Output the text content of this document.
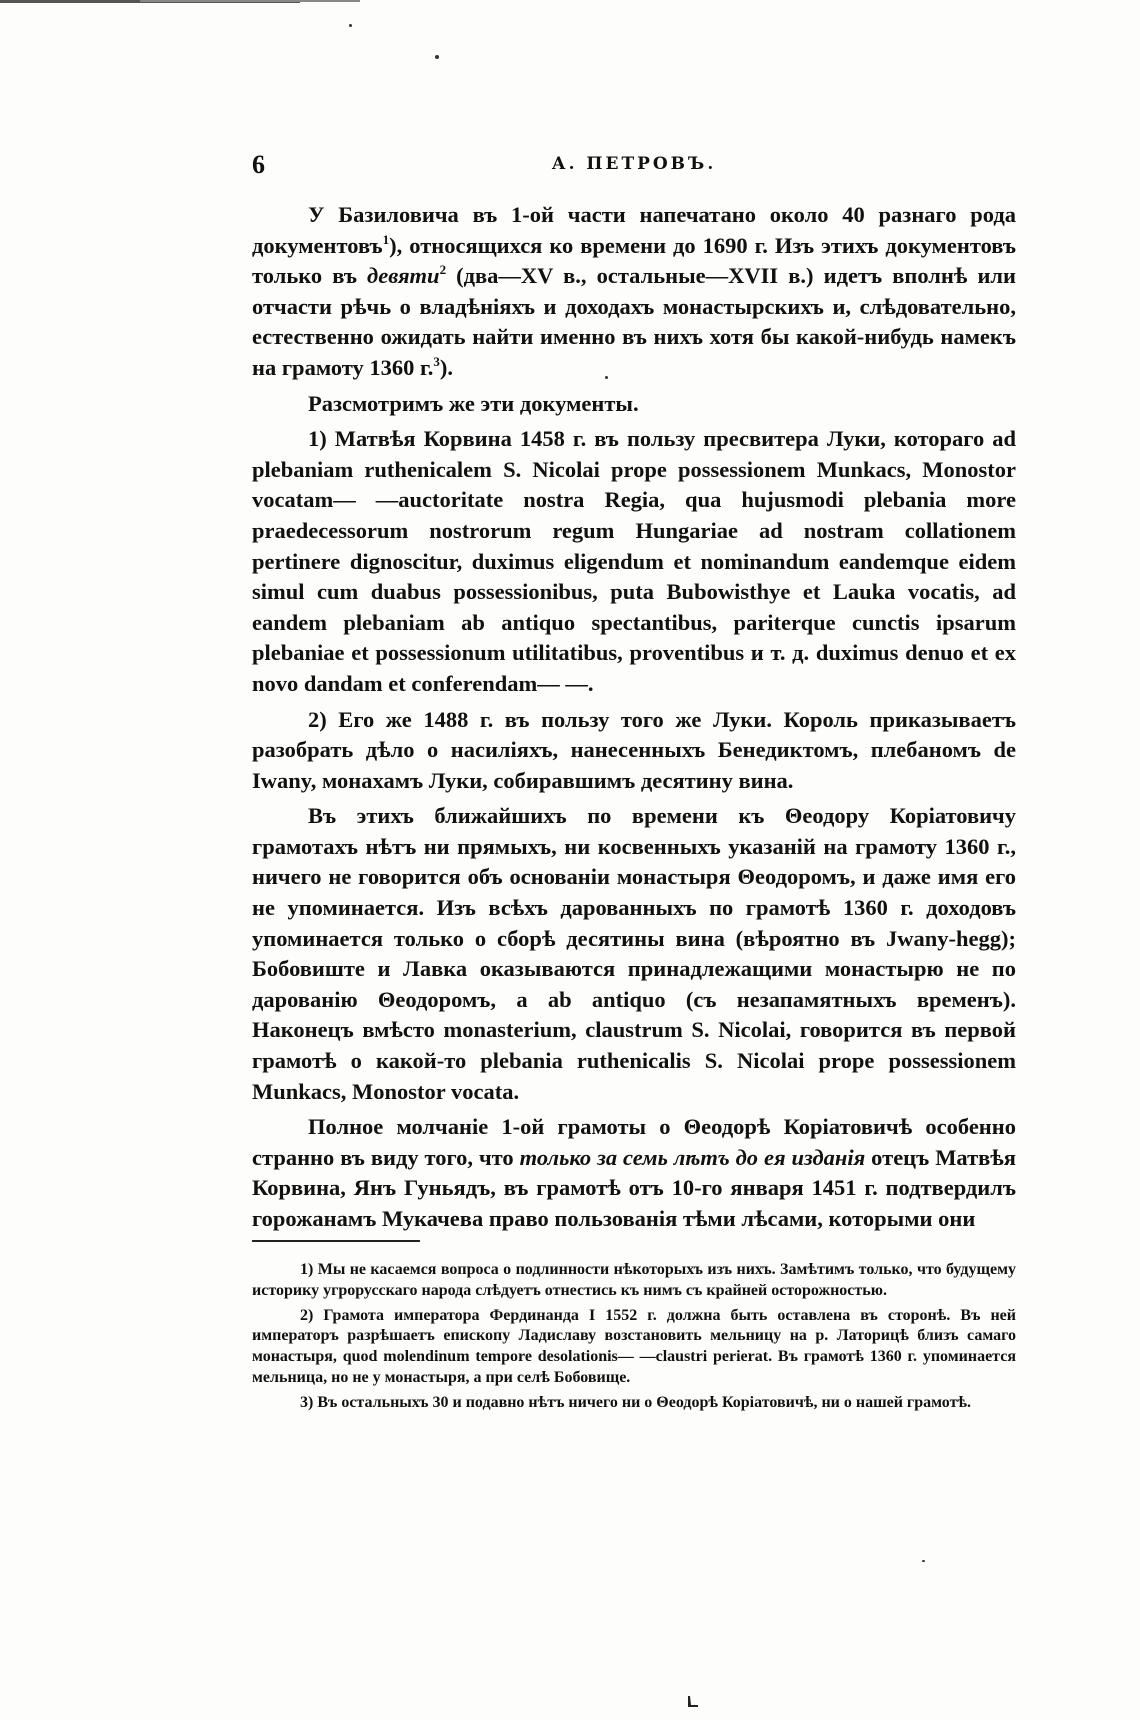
6	А. ПЕТРОВЪ.

У Базиловича въ 1-ой части напечатано около 40 разнаго рода документовъ$^1$), относящихся ко времени до 1690 г. Изъ этихъ документовъ только въ девяти$^2$ (два—XV в., остальные—XVII в.) идетъ вполнѣ или отчасти рѣчь о владѣніяхъ и доходахъ монастырскихъ и, слѣдовательно, естественно ожидать найти именно въ нихъ хотя бы какой-нибудь намекъ на грамоту 1360 г.$^3$).

Разсмотримъ же эти документы.

1) Матвѣя Корвина 1458 г. въ пользу пресвитера Луки, котораго ad plebaniam ruthenicalem S. Nicolai prope possessionem Munkacs, Monostor vocatam— —auctoritate nostra Regia, qua hujusmodi plebania more praedecessorum nostrorum regum Hungariae ad nostram collationem pertinere dignoscitur, duximus eligendum et nominandum eandemque eidem simul cum duabus possessionibus, puta Bubowisthye et Lauka vocatis, ad eandem plebaniam ab antiquo spectantibus, pariterque cunctis ipsarum plebaniae et possessionum utilitatibus, proventibus и т. д. duximus denuo et ex novo dandam et conferendam— —.

2) Его же 1488 г. въ пользу того же Луки. Король приказываетъ разобрать дѣло о насиліяхъ, нанесенныхъ Бенедиктомъ, плебаномъ de Iwany, монахамъ Луки, собиравшимъ десятину вина.

Въ этихъ ближайшихъ по времени къ Θеодору Коріатовичу грамотахъ нѣтъ ни прямыхъ, ни косвенныхъ указаній на грамоту 1360 г., ничего не говорится объ основаніи монастыря Θеодоромъ, и даже имя его не упоминается. Изъ всѣхъ дарованныхъ по грамотѣ 1360 г. доходовъ упоминается только о сборѣ десятины вина (вѣроятно въ Jwany-hegg); Бобовиште и Лавка оказываются принадлежащими монастырю не по дарованію Θеодоромъ, а ab antiquo (съ незапамятныхъ временъ). Наконецъ вмѣсто monasterium, claustrum S. Nicolai, говорится въ первой грамотѣ о какой-то plebania ruthenicalis S. Nicolai prope possessionem Munkacs, Monostor vocata.

Полное молчаніе 1-ой грамоты о Θеодорѣ Коріатовичѣ особенно странно въ виду того, что только за семь лѣтъ до ея изданія отецъ Матвѣя Корвина, Янъ Гуньядъ, въ грамотѣ отъ 10-го января 1451 г. подтвердилъ горожанамъ Мукачева право пользованія тѣми лѣсами, которыми они

1) Мы не касаемся вопроса о подлинности нѣкоторыхъ изъ нихъ. Замѣтимъ только, что будущему историку угрорусскаго народа слѣдуетъ отнестись къ нимъ съ крайней осторожностью.

2) Грамота императора Фердинанда I 1552 г. должна быть оставлена въ сторонѣ. Въ ней императоръ разрѣшаетъ епископу Ладиславу возстановить мельницу на р. Латорицѣ близъ самаго монастыря, quod molendinum tempore desolationis— —claustri perierat. Въ грамотѣ 1360 г. упоминается мельница, но не у монастыря, а при селѣ Бобовище.

3) Въ остальныхъ 30 и подавно нѣтъ ничего ни о Θеодорѣ Коріатовичѣ, ни о нашей грамотѣ.
